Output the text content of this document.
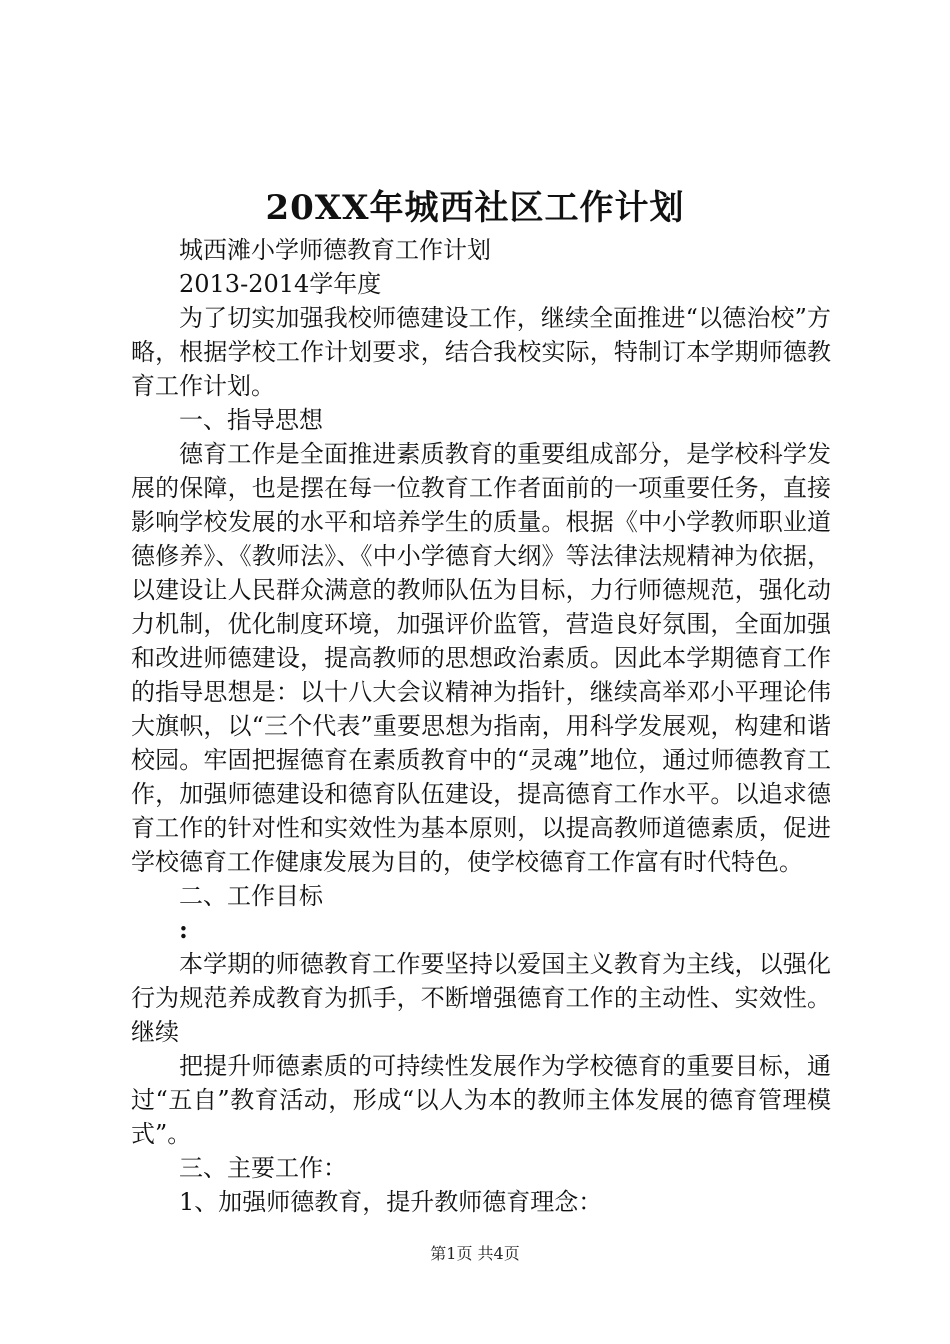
20XX年城西社区工作计划

城西滩小学师德教育工作计划

2013-2014学年度

为了切实加强我校师德建设工作，继续全面推进“以德治校”方略，根据学校工作计划要求，结合我校实际，特制订本学期师德教育工作计划。

一、指导思想

德育工作是全面推进素质教育的重要组成部分，是学校科学发展的保障，也是摆在每一位教育工作者面前的一项重要任务，直接影响学校发展的水平和培养学生的质量。根据《中小学教师职业道德修养》、《教师法》、《中小学德育大纲》等法律法规精神为依据，以建设让人民群众满意的教师队伍为目标，力行师德规范，强化动力机制，优化制度环境，加强评价监管，营造良好氛围，全面加强和改进师德建设，提高教师的思想政治素质。因此本学期德育工作的指导思想是：以十八大会议精神为指针，继续高举邓小平理论伟大旗帜，以“三个代表”重要思想为指南，用科学发展观，构建和谐校园。牢固把握德育在素质教育中的“灵魂”地位，通过师德教育工作，加强师德建设和德育队伍建设，提高德育工作水平。以追求德育工作的针对性和实效性为基本原则，以提高教师道德素质，促进学校德育工作健康发展为目的，使学校德育工作富有时代特色。

二、工作目标

:

本学期的师德教育工作要坚持以爱国主义教育为主线，以强化行为规范养成教育为抓手，不断增强德育工作的主动性、实效性。继续

把提升师德素质的可持续性发展作为学校德育的重要目标，通过“五自”教育活动，形成“以人为本的教师主体发展的德育管理模式”。

三、主要工作：

1、加强师德教育，提升教师德育理念：

第1页 共4页
